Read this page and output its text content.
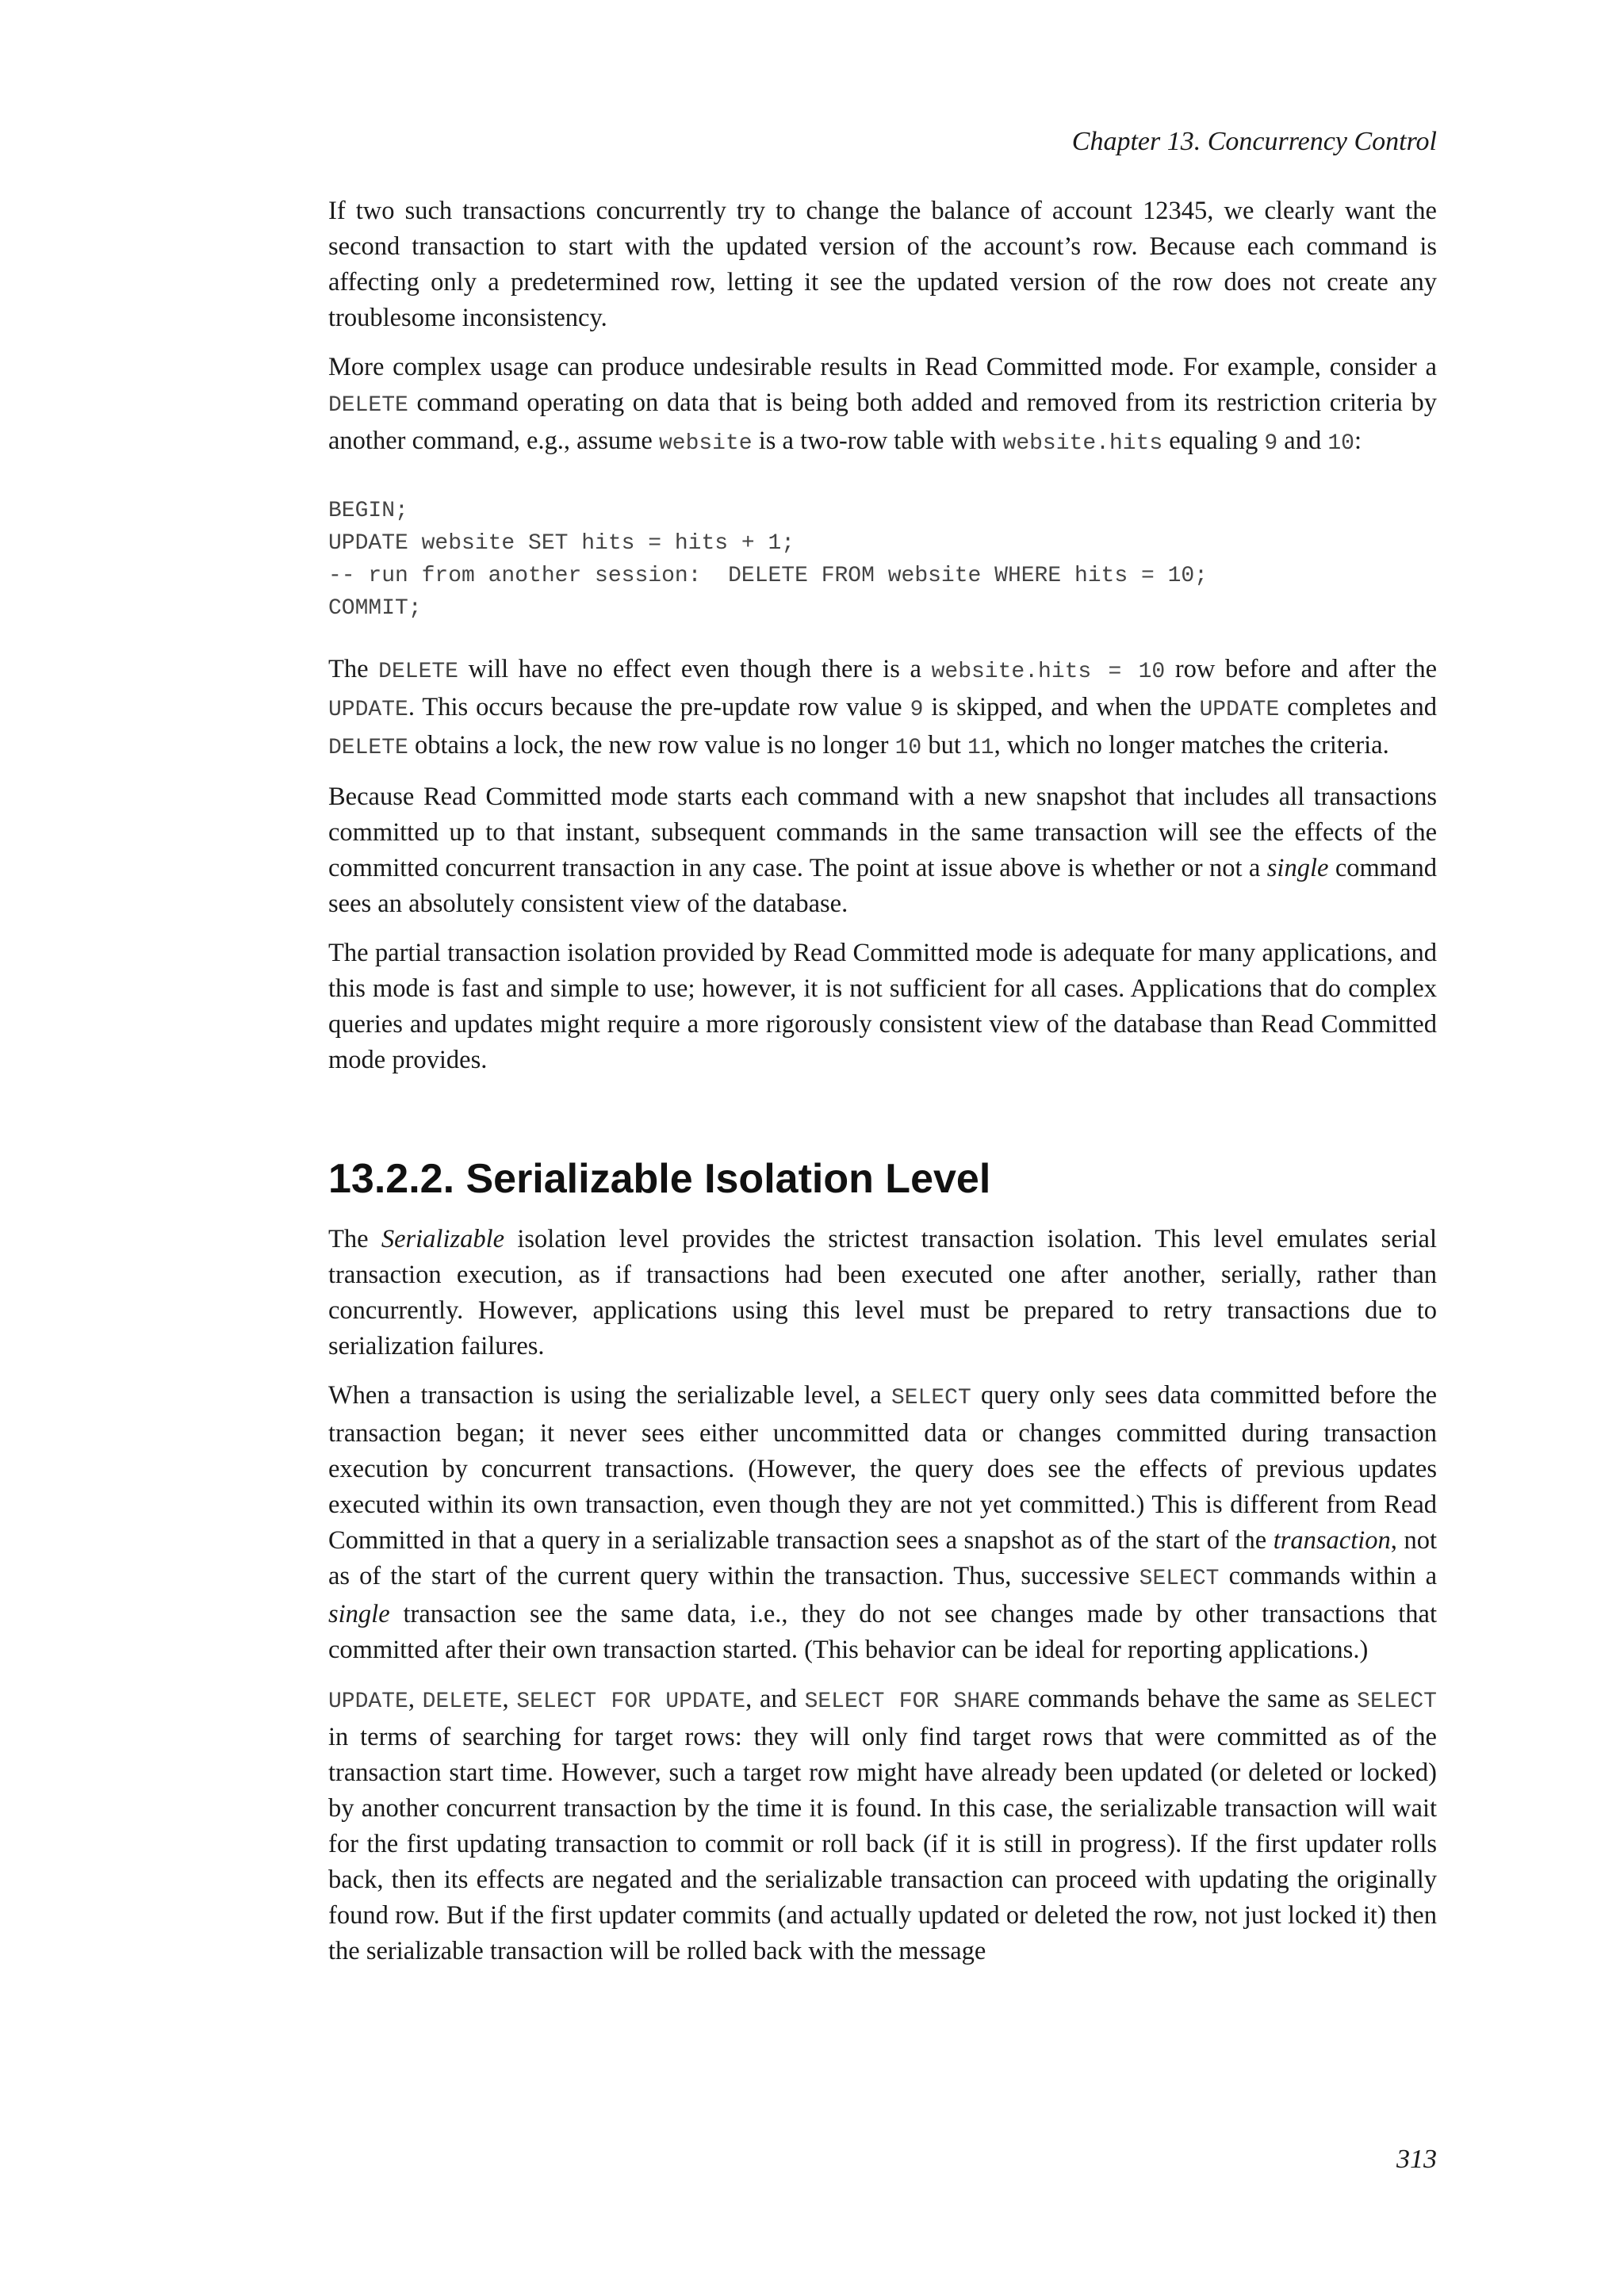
Chapter 13. Concurrency Control

If two such transactions concurrently try to change the balance of account 12345, we clearly want the second transaction to start with the updated version of the account’s row. Because each command is affecting only a predetermined row, letting it see the updated version of the row does not create any troublesome inconsistency.

More complex usage can produce undesirable results in Read Committed mode. For example, consider a DELETE command operating on data that is being both added and removed from its restriction criteria by another command, e.g., assume website is a two-row table with website.hits equaling 9 and 10:

BEGIN;
UPDATE website SET hits = hits + 1;
-- run from another session:  DELETE FROM website WHERE hits = 10;
COMMIT;

The DELETE will have no effect even though there is a website.hits = 10 row before and after the UPDATE. This occurs because the pre-update row value 9 is skipped, and when the UPDATE completes and DELETE obtains a lock, the new row value is no longer 10 but 11, which no longer matches the criteria.

Because Read Committed mode starts each command with a new snapshot that includes all transactions committed up to that instant, subsequent commands in the same transaction will see the effects of the committed concurrent transaction in any case. The point at issue above is whether or not a single command sees an absolutely consistent view of the database.

The partial transaction isolation provided by Read Committed mode is adequate for many applications, and this mode is fast and simple to use; however, it is not sufficient for all cases. Applications that do complex queries and updates might require a more rigorously consistent view of the database than Read Committed mode provides.

13.2.2. Serializable Isolation Level

The Serializable isolation level provides the strictest transaction isolation. This level emulates serial transaction execution, as if transactions had been executed one after another, serially, rather than concurrently. However, applications using this level must be prepared to retry transactions due to serialization failures.

When a transaction is using the serializable level, a SELECT query only sees data committed before the transaction began; it never sees either uncommitted data or changes committed during transaction execution by concurrent transactions. (However, the query does see the effects of previous updates executed within its own transaction, even though they are not yet committed.) This is different from Read Committed in that a query in a serializable transaction sees a snapshot as of the start of the transaction, not as of the start of the current query within the transaction. Thus, successive SELECT commands within a single transaction see the same data, i.e., they do not see changes made by other transactions that committed after their own transaction started. (This behavior can be ideal for reporting applications.)

UPDATE, DELETE, SELECT FOR UPDATE, and SELECT FOR SHARE commands behave the same as SELECT in terms of searching for target rows: they will only find target rows that were committed as of the transaction start time. However, such a target row might have already been updated (or deleted or locked) by another concurrent transaction by the time it is found. In this case, the serializable transaction will wait for the first updating transaction to commit or roll back (if it is still in progress). If the first updater rolls back, then its effects are negated and the serializable transaction can proceed with updating the originally found row. But if the first updater commits (and actually updated or deleted the row, not just locked it) then the serializable transaction will be rolled back with the message

313
